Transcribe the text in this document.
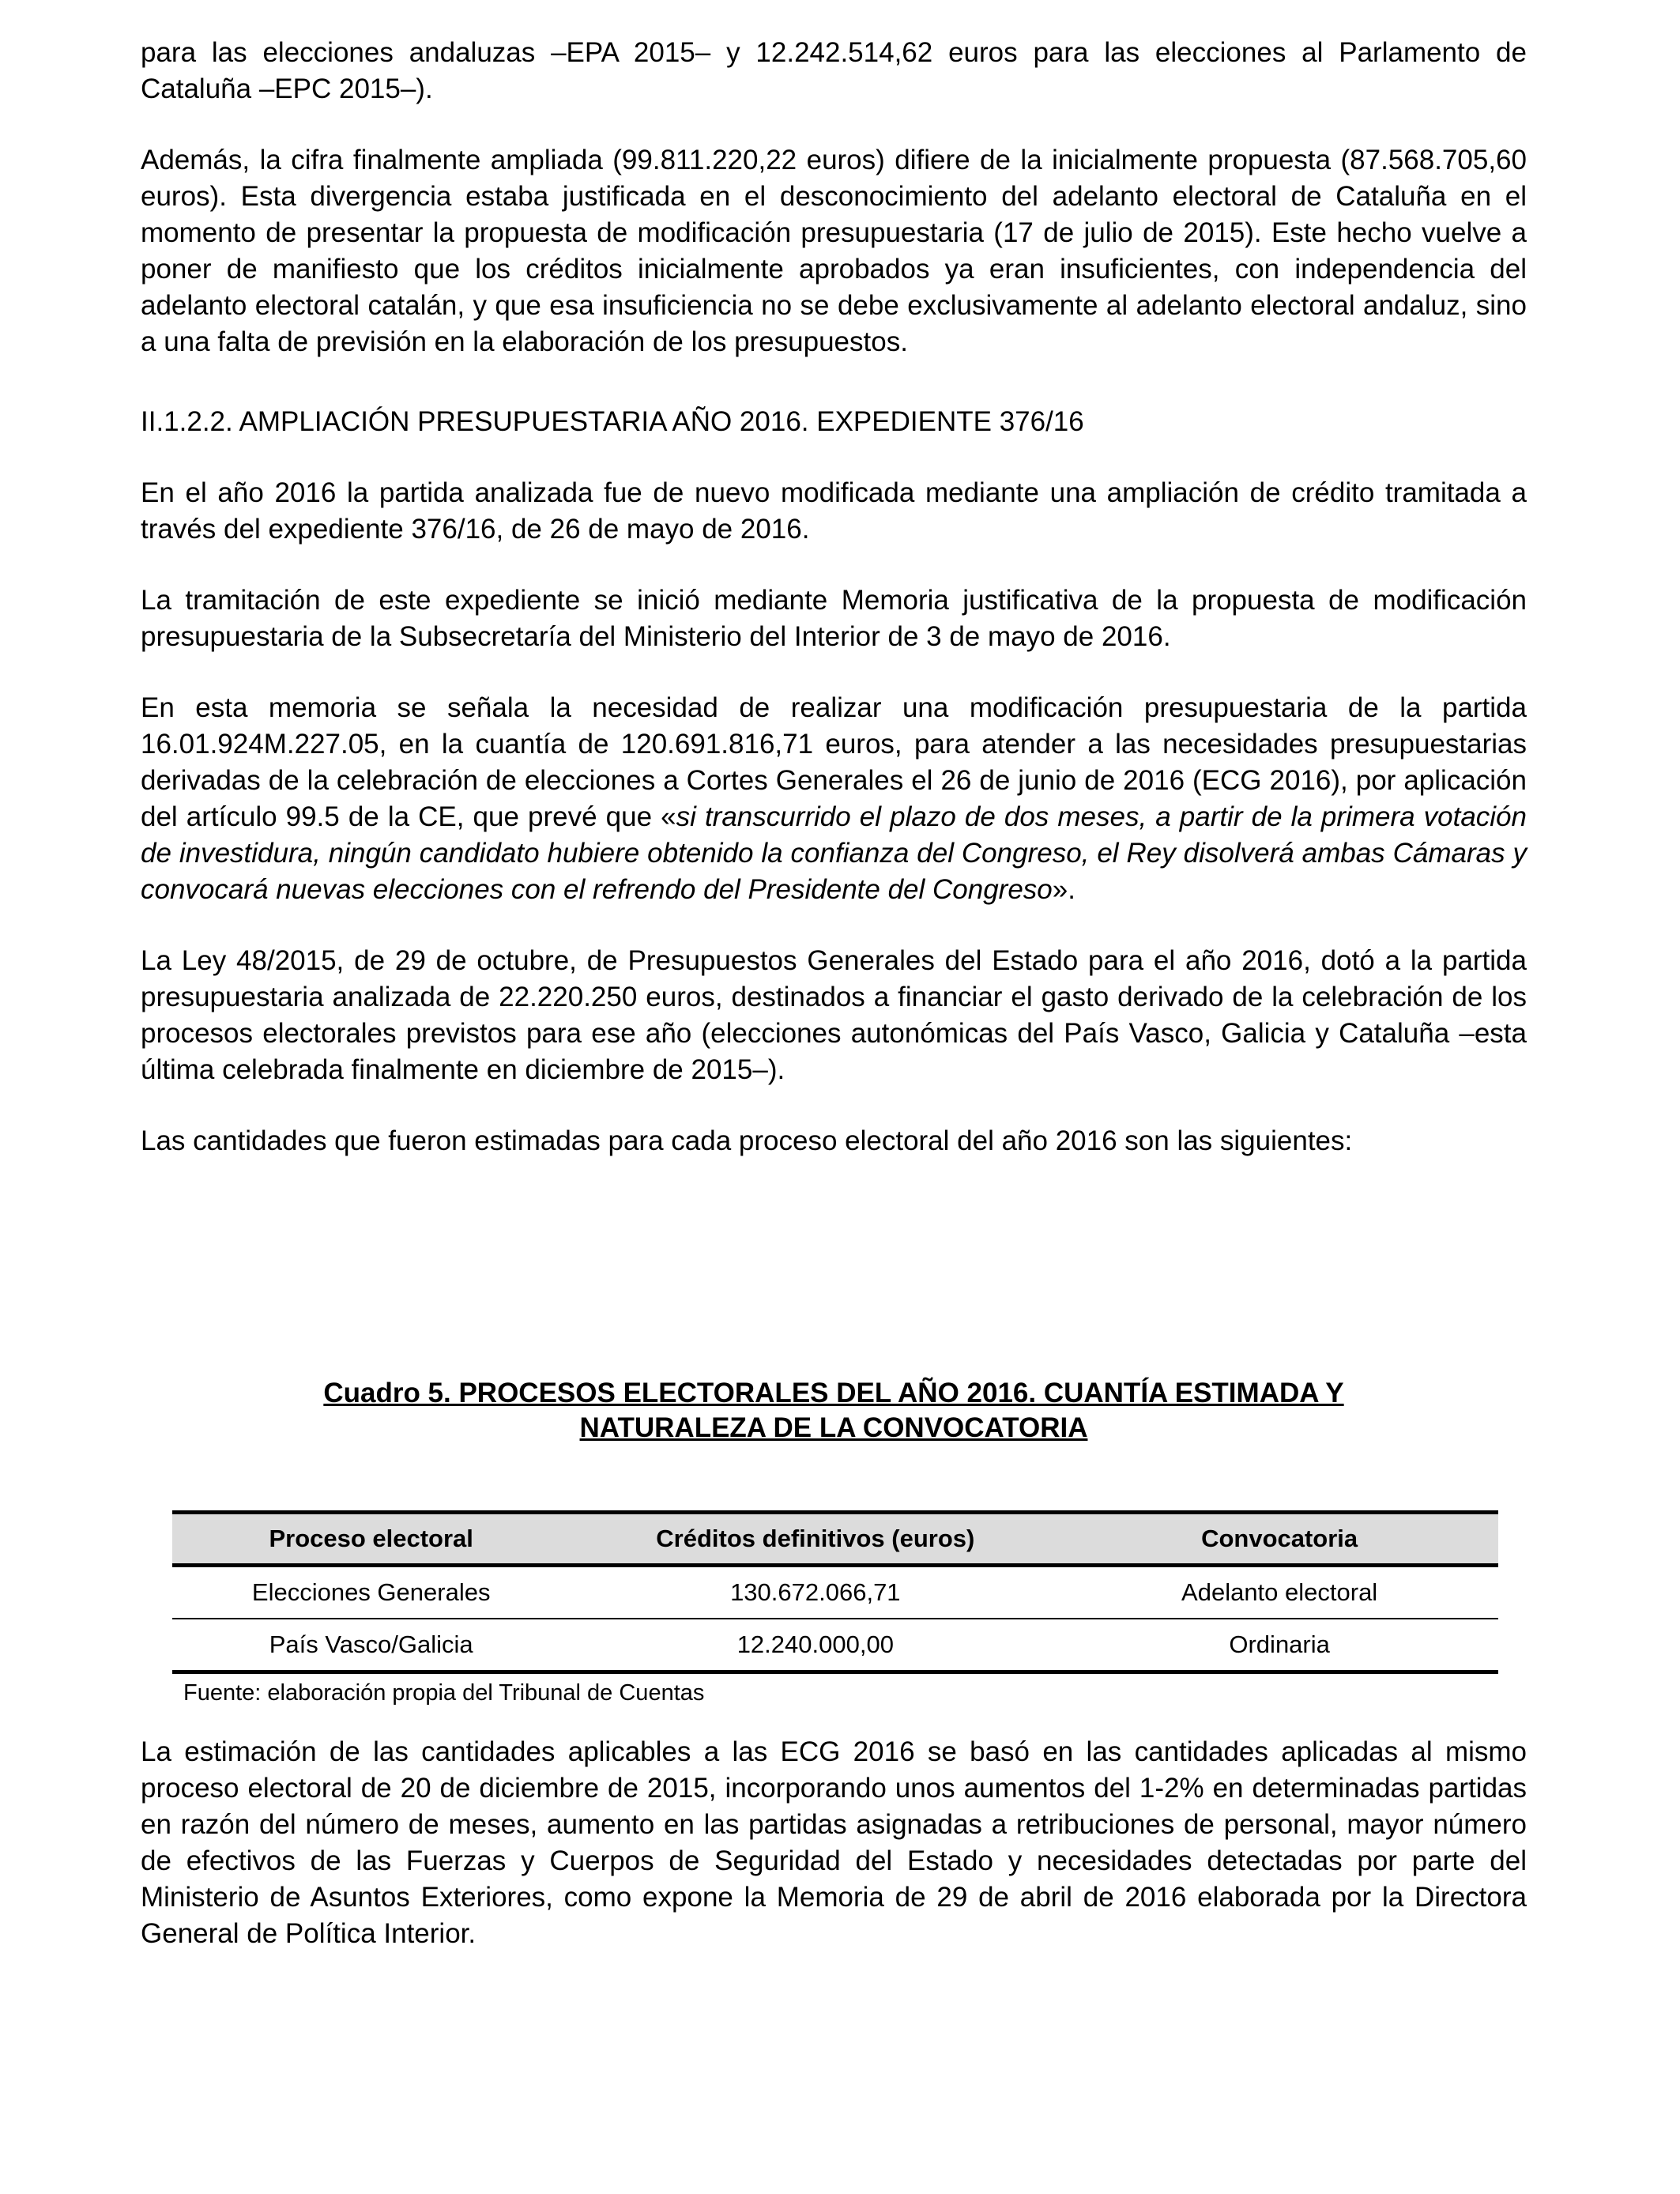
para las elecciones andaluzas –EPA 2015– y 12.242.514,62 euros para las elecciones al Parlamento de Cataluña –EPC 2015–).

Además, la cifra finalmente ampliada (99.811.220,22 euros) difiere de la inicialmente propuesta (87.568.705,60 euros). Esta divergencia estaba justificada en el desconocimiento del adelanto electoral de Cataluña en el momento de presentar la propuesta de modificación presupuestaria (17 de julio de 2015). Este hecho vuelve a poner de manifiesto que los créditos inicialmente aprobados ya eran insuficientes, con independencia del adelanto electoral catalán, y que esa insuficiencia no se debe exclusivamente al adelanto electoral andaluz, sino a una falta de previsión en la elaboración de los presupuestos.

II.1.2.2. AMPLIACIÓN PRESUPUESTARIA AÑO 2016. EXPEDIENTE 376/16

En el año 2016 la partida analizada fue de nuevo modificada mediante una ampliación de crédito tramitada a través del expediente 376/16, de 26 de mayo de 2016.

La tramitación de este expediente se inició mediante Memoria justificativa de la propuesta de modificación presupuestaria de la Subsecretaría del Ministerio del Interior de 3 de mayo de 2016.

En esta memoria se señala la necesidad de realizar una modificación presupuestaria de la partida 16.01.924M.227.05, en la cuantía de 120.691.816,71 euros, para atender a las necesidades presupuestarias derivadas de la celebración de elecciones a Cortes Generales el 26 de junio de 2016 (ECG 2016), por aplicación del artículo 99.5 de la CE, que prevé que «si transcurrido el plazo de dos meses, a partir de la primera votación de investidura, ningún candidato hubiere obtenido la confianza del Congreso, el Rey disolverá ambas Cámaras y convocará nuevas elecciones con el refrendo del Presidente del Congreso».

La Ley 48/2015, de 29 de octubre, de Presupuestos Generales del Estado para el año 2016, dotó a la partida presupuestaria analizada de 22.220.250 euros, destinados a financiar el gasto derivado de la celebración de los procesos electorales previstos para ese año (elecciones autonómicas del País Vasco, Galicia y Cataluña –esta última celebrada finalmente en diciembre de 2015–).

Las cantidades que fueron estimadas para cada proceso electoral del año 2016 son las siguientes:

Cuadro 5. PROCESOS ELECTORALES DEL AÑO 2016. CUANTÍA ESTIMADA Y
NATURALEZA DE LA CONVOCATORIA
Proceso electoral	Créditos definitivos (euros)	Convocatoria
Elecciones Generales	130.672.066,71	Adelanto electoral
País Vasco/Galicia	12.240.000,00	Ordinaria
Fuente: elaboración propia del Tribunal de Cuentas

La estimación de las cantidades aplicables a las ECG 2016 se basó en las cantidades aplicadas al mismo proceso electoral de 20 de diciembre de 2015, incorporando unos aumentos del 1-2% en determinadas partidas en razón del número de meses, aumento en las partidas asignadas a retribuciones de personal, mayor número de efectivos de las Fuerzas y Cuerpos de Seguridad del Estado y necesidades detectadas por parte del Ministerio de Asuntos Exteriores, como expone la Memoria de 29 de abril de 2016 elaborada por la Directora General de Política Interior.
